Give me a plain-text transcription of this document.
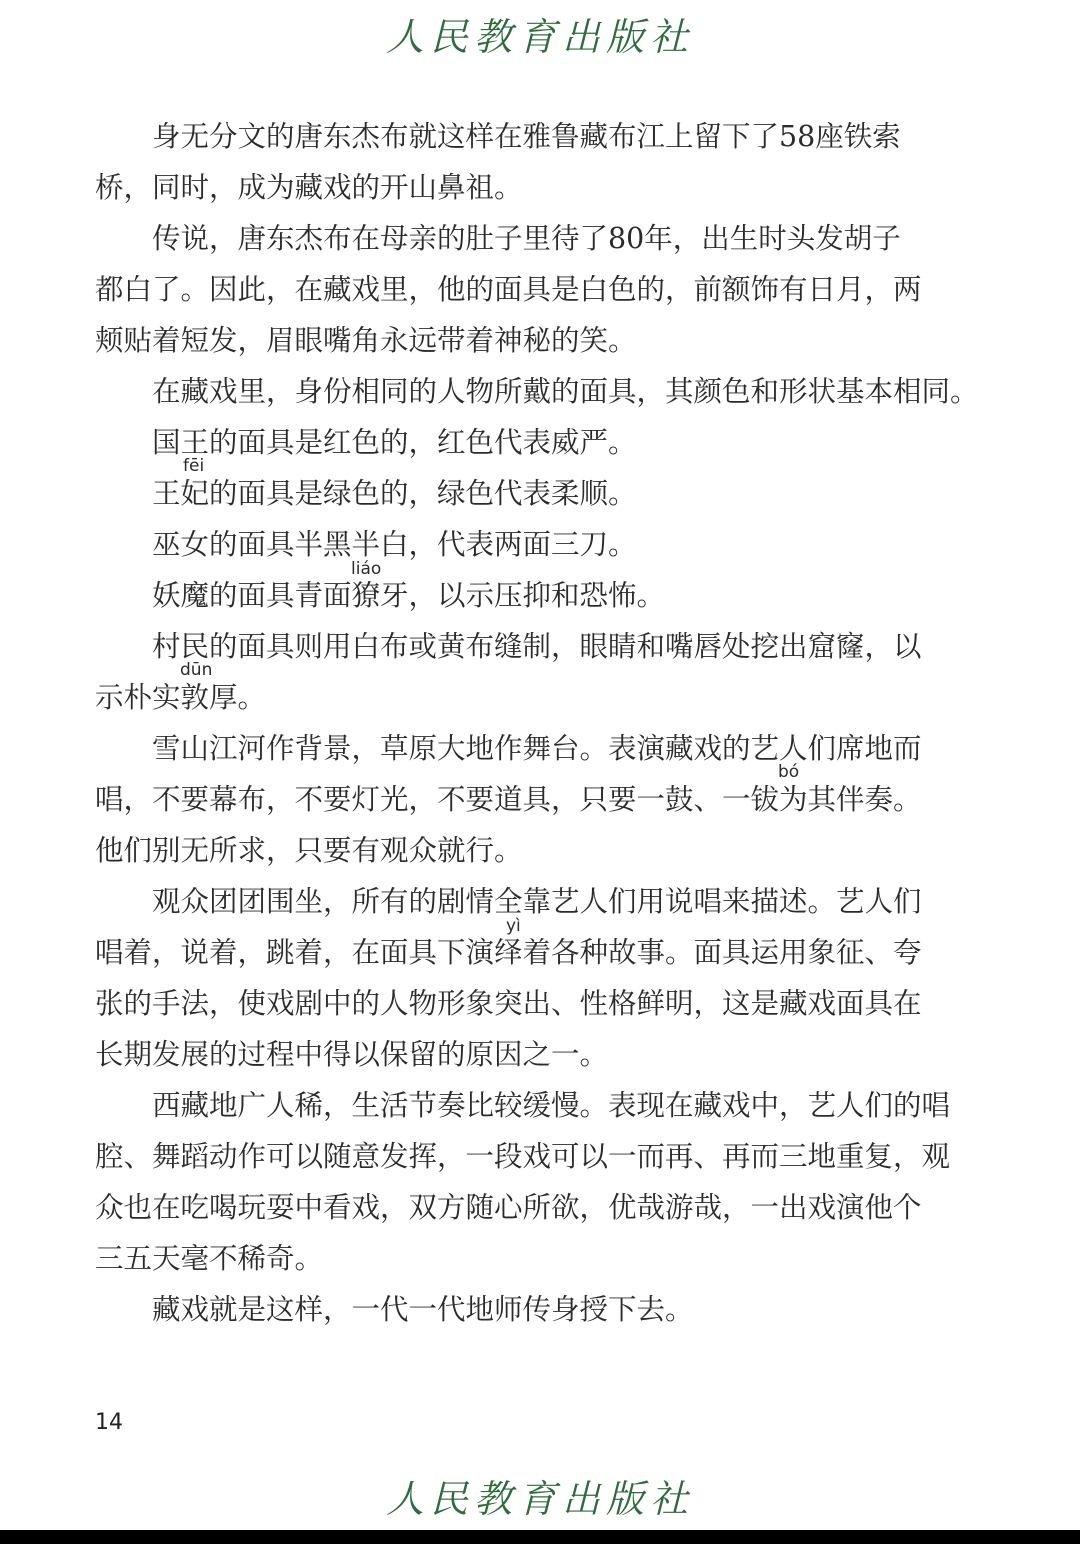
人民教育出版社
身无分文的唐东杰布就这样在雅鲁藏布江上留下了58座铁索
桥，同时，成为藏戏的开山鼻祖。
传说，唐东杰布在母亲的肚子里待了80年，出生时头发胡子
都白了。因此，在藏戏里，他的面具是白色的，前额饰有日月，两
颊贴着短发，眉眼嘴角永远带着神秘的笑。
在藏戏里，身份相同的人物所戴的面具，其颜色和形状基本相同。
国王的面具是红色的，红色代表威严。
王妃的面具是绿色的，绿色代表柔顺。
巫女的面具半黑半白，代表两面三刀。
妖魔的面具青面獠牙，以示压抑和恐怖。
村民的面具则用白布或黄布缝制，眼睛和嘴唇处挖出窟窿，以
示朴实敦厚。
雪山江河作背景，草原大地作舞台。表演藏戏的艺人们席地而
唱，不要幕布，不要灯光，不要道具，只要一鼓、一钹为其伴奏。
他们别无所求，只要有观众就行。
观众团团围坐，所有的剧情全靠艺人们用说唱来描述。艺人们
唱着，说着，跳着，在面具下演绎着各种故事。面具运用象征、夸
张的手法，使戏剧中的人物形象突出、性格鲜明，这是藏戏面具在
长期发展的过程中得以保留的原因之一。
西藏地广人稀，生活节奏比较缓慢。表现在藏戏中，艺人们的唱
腔、舞蹈动作可以随意发挥，一段戏可以一而再、再而三地重复，观
众也在吃喝玩耍中看戏，双方随心所欲，优哉游哉，一出戏演他个
三五天毫不稀奇。
藏戏就是这样，一代一代地师传身授下去。
fēi
liáo
dūn
bó
yì
14
人民教育出版社
